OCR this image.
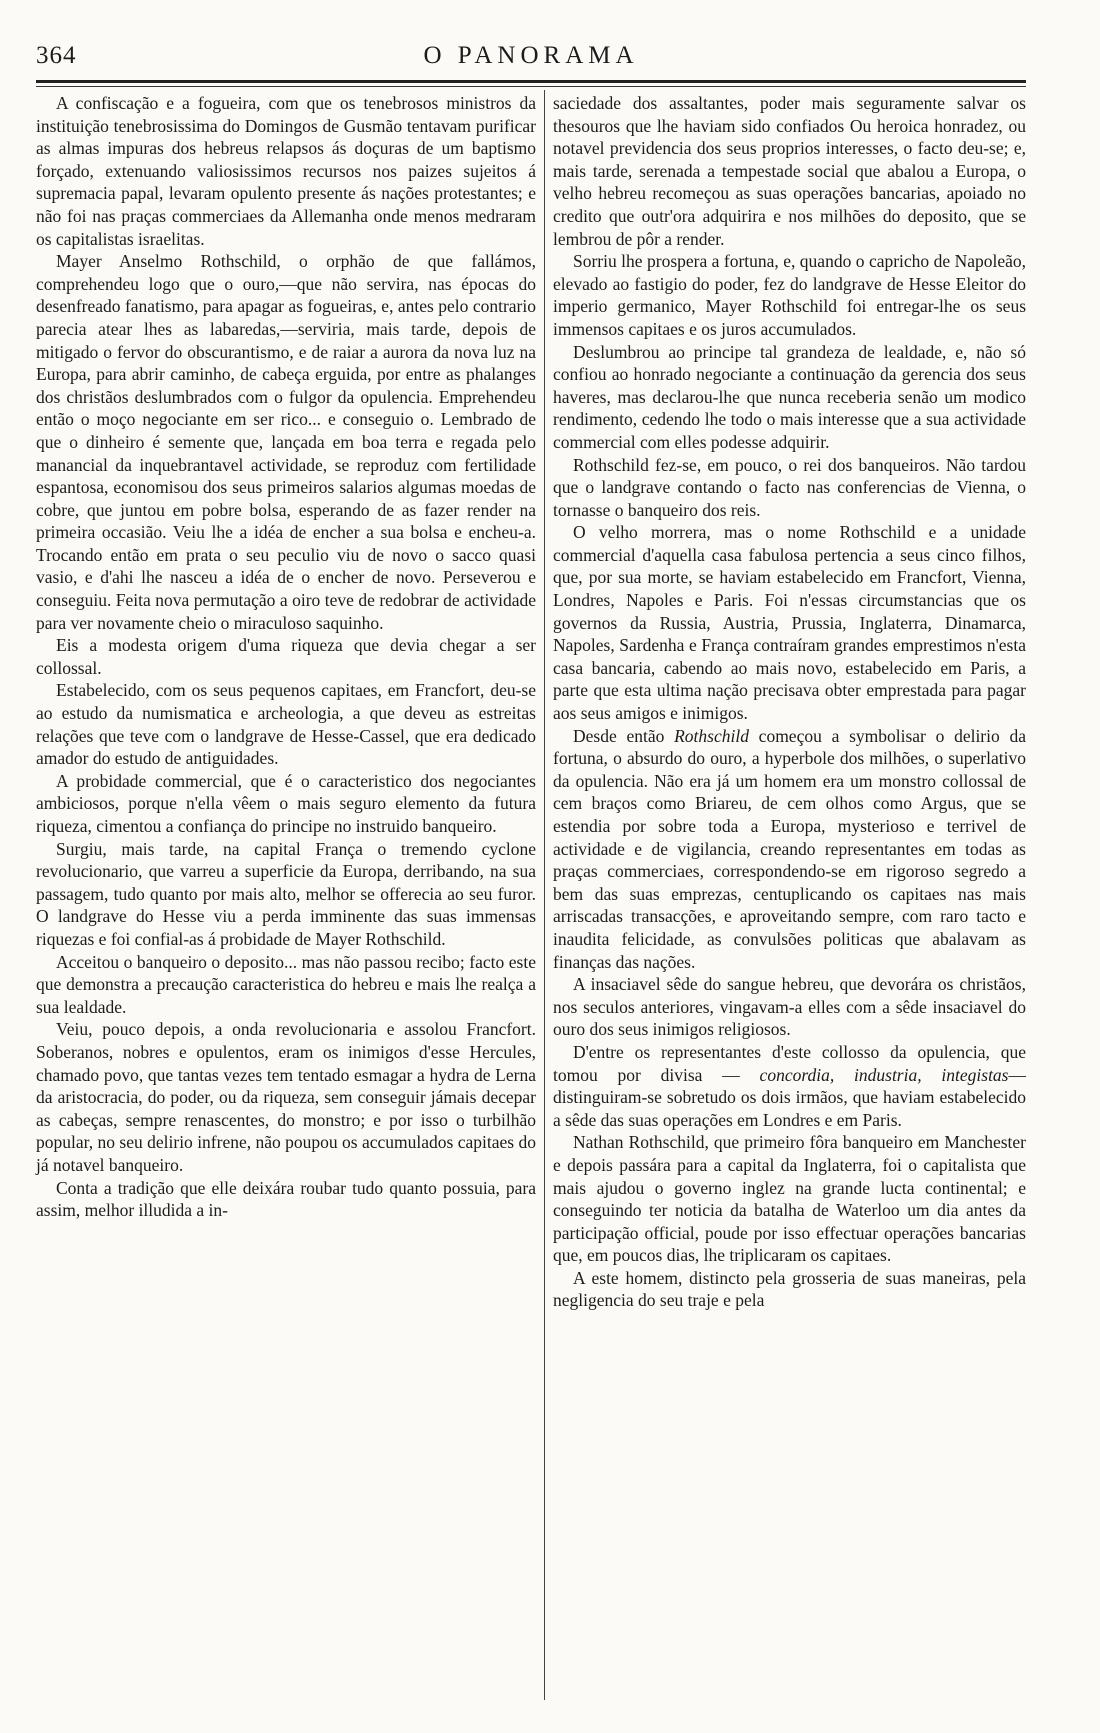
364	O PANORAMA

A confiscação e a fogueira, com que os tenebrosos ministros da instituição tenebrosissima do Domingos de Gusmão tentavam purificar as almas impuras dos hebreus relapsos ás doçuras de um baptismo forçado, extenuando valiosissimos recursos nos paizes sujeitos á supremacia papal, levaram opulento presente ás nações protestantes; e não foi nas praças commerciaes da Allemanha onde menos medraram os capitalistas israelitas.

Mayer Anselmo Rothschild, o orphão de que fallámos, comprehendeu logo que o ouro,—que não servira, nas épocas do desenfreado fanatismo, para apagar as fogueiras, e, antes pelo contrario parecia atear lhes as labaredas,—serviria, mais tarde, depois de mitigado o fervor do obscurantismo, e de raiar a aurora da nova luz na Europa, para abrir caminho, de cabeça erguida, por entre as phalanges dos christãos deslumbrados com o fulgor da opulencia. Emprehendeu então o moço negociante em ser rico... e conseguio o. Lembrado de que o dinheiro é semente que, lançada em boa terra e regada pelo manancial da inquebrantavel actividade, se reproduz com fertilidade espantosa, economisou dos seus primeiros salarios algumas moedas de cobre, que juntou em pobre bolsa, esperando de as fazer render na primeira occasião. Veiu lhe a idéa de encher a sua bolsa e encheu-a. Trocando então em prata o seu peculio viu de novo o sacco quasi vasio, e d'ahi lhe nasceu a idéa de o encher de novo. Perseverou e conseguiu. Feita nova permutação a oiro teve de redobrar de actividade para ver novamente cheio o miraculoso saquinho.

Eis a modesta origem d'uma riqueza que devia chegar a ser collossal.

Estabelecido, com os seus pequenos capitaes, em Francfort, deu-se ao estudo da numismatica e archeologia, a que deveu as estreitas relações que teve com o landgrave de Hesse-Cassel, que era dedicado amador do estudo de antiguidades.

A probidade commercial, que é o caracteristico dos negociantes ambiciosos, porque n'ella vêem o mais seguro elemento da futura riqueza, cimentou a confiança do principe no instruido banqueiro.

Surgiu, mais tarde, na capital França o tremendo cyclone revolucionario, que varreu a superficie da Europa, derribando, na sua passagem, tudo quanto por mais alto, melhor se offerecia ao seu furor. O landgrave do Hesse viu a perda imminente das suas immensas riquezas e foi confial-as á probidade de Mayer Rothschild.

Acceitou o banqueiro o deposito... mas não passou recibo; facto este que demonstra a precaução caracteristica do hebreu e mais lhe realça a sua lealdade.

Veiu, pouco depois, a onda revolucionaria e assolou Francfort. Soberanos, nobres e opulentos, eram os inimigos d'esse Hercules, chamado povo, que tantas vezes tem tentado esmagar a hydra de Lerna da aristocracia, do poder, ou da riqueza, sem conseguir jámais decepar as cabeças, sempre renascentes, do monstro; e por isso o turbilhão popular, no seu delirio infrene, não poupou os accumulados capitaes do já notavel banqueiro.

Conta a tradição que elle deixára roubar tudo quanto possuia, para assim, melhor illudida a in-

saciedade dos assaltantes, poder mais seguramente salvar os thesouros que lhe haviam sido confiados Ou heroica honradez, ou notavel previdencia dos seus proprios interesses, o facto deu-se; e, mais tarde, serenada a tempestade social que abalou a Europa, o velho hebreu recomeçou as suas operações bancarias, apoiado no credito que outr'ora adquirira e nos milhões do deposito, que se lembrou de pôr a render.

Sorriu lhe prospera a fortuna, e, quando o capricho de Napoleão, elevado ao fastigio do poder, fez do landgrave de Hesse Eleitor do imperio germanico, Mayer Rothschild foi entregar-lhe os seus immensos capitaes e os juros accumulados.

Deslumbrou ao principe tal grandeza de lealdade, e, não só confiou ao honrado negociante a continuação da gerencia dos seus haveres, mas declarou-lhe que nunca receberia senão um modico rendimento, cedendo lhe todo o mais interesse que a sua actividade commercial com elles podesse adquirir.

Rothschild fez-se, em pouco, o rei dos banqueiros. Não tardou que o landgrave contando o facto nas conferencias de Vienna, o tornasse o banqueiro dos reis.

O velho morrera, mas o nome Rothschild e a unidade commercial d'aquella casa fabulosa pertencia a seus cinco filhos, que, por sua morte, se haviam estabelecido em Francfort, Vienna, Londres, Napoles e Paris. Foi n'essas circumstancias que os governos da Russia, Austria, Prussia, Inglaterra, Dinamarca, Napoles, Sardenha e França contraíram grandes emprestimos n'esta casa bancaria, cabendo ao mais novo, estabelecido em Paris, a parte que esta ultima nação precisava obter emprestada para pagar aos seus amigos e inimigos.

Desde então Rothschild começou a symbolisar o delirio da fortuna, o absurdo do ouro, a hyperbole dos milhões, o superlativo da opulencia. Não era já um homem era um monstro collossal de cem braços como Briareu, de cem olhos como Argus, que se estendia por sobre toda a Europa, mysterioso e terrivel de actividade e de vigilancia, creando representantes em todas as praças commerciaes, correspondendo-se em rigoroso segredo a bem das suas emprezas, centuplicando os capitaes nas mais arriscadas transacções, e aproveitando sempre, com raro tacto e inaudita felicidade, as convulsões politicas que abalavam as finanças das nações.

A insaciavel sêde do sangue hebreu, que devorára os christãos, nos seculos anteriores, vingavam-a elles com a sêde insaciavel do ouro dos seus inimigos religiosos.

D'entre os representantes d'este collosso da opulencia, que tomou por divisa — concordia, industria, integistas—distinguiram-se sobretudo os dois irmãos, que haviam estabelecido a sêde das suas operações em Londres e em Paris.

Nathan Rothschild, que primeiro fôra banqueiro em Manchester e depois passára para a capital da Inglaterra, foi o capitalista que mais ajudou o governo inglez na grande lucta continental; e conseguindo ter noticia da batalha de Waterloo um dia antes da participação official, poude por isso effectuar operações bancarias que, em poucos dias, lhe triplicaram os capitaes.

A este homem, distincto pela grosseria de suas maneiras, pela negligencia do seu traje e pela
